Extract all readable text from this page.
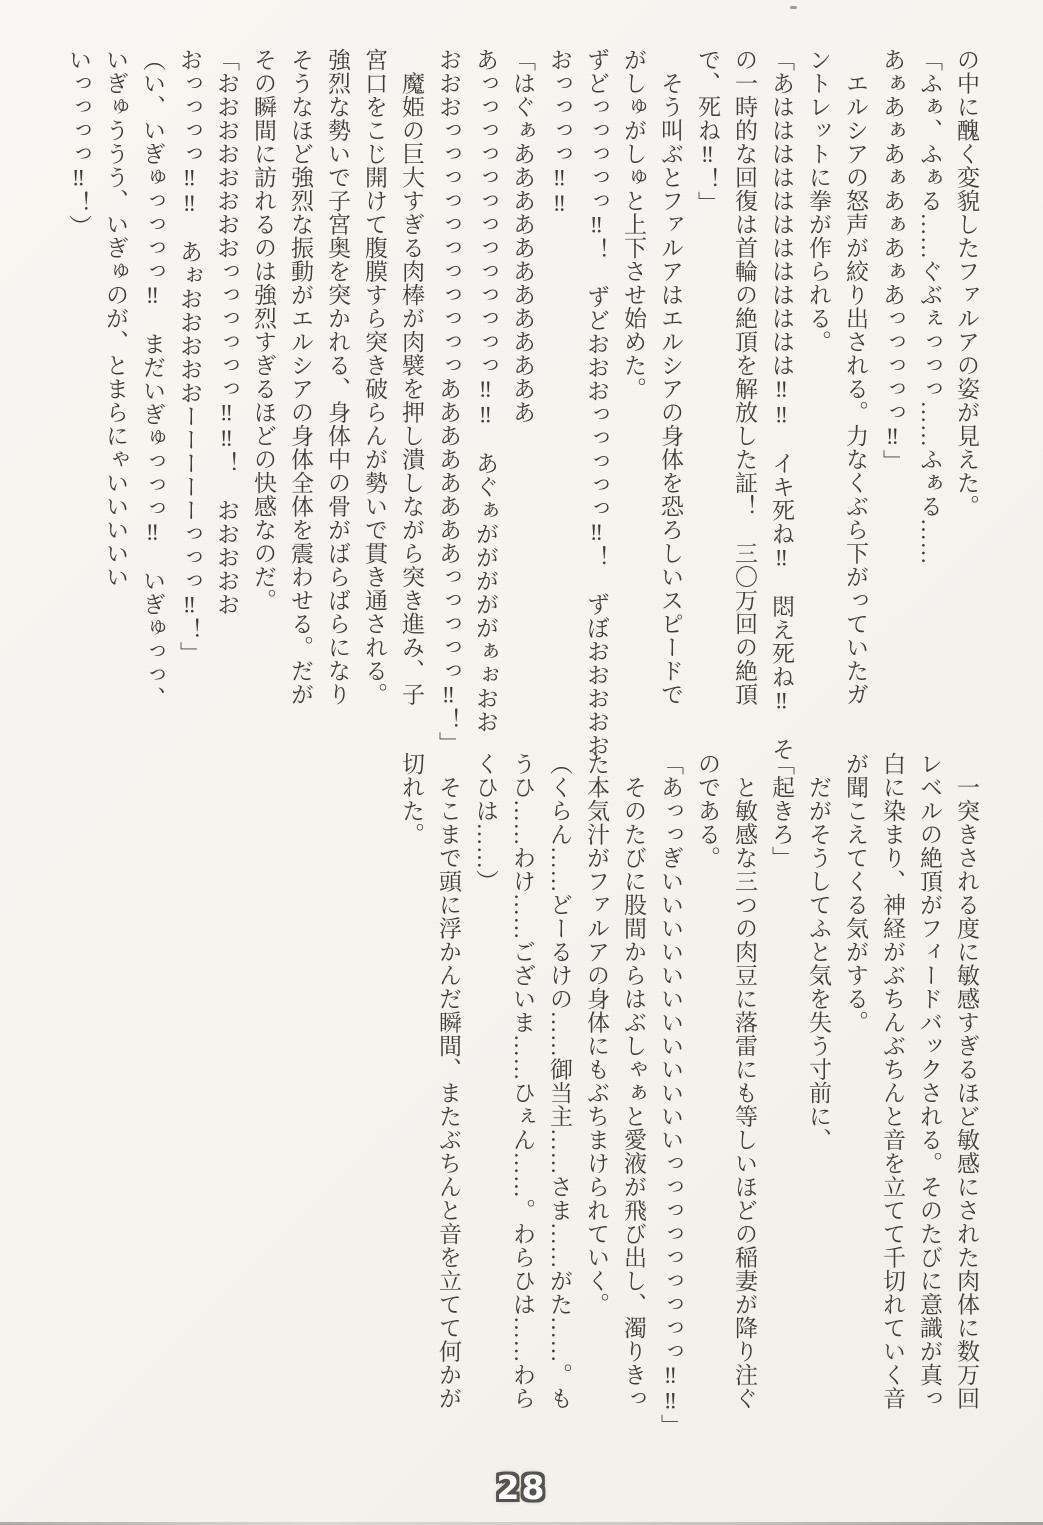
の中に醜く変貌したファルアの姿が見えた。

「ふぁ、ふぁる……ぐぶぇっっっ……ふぁる……

あぁあぁあぁあぁあぁあっっっっっ‼」

　エルシアの怒声が絞り出される。力なくぶら下がっていたガ

ントレットに拳が作られる。

「あはははははははははははは‼‼　イキ死ね‼　悶え死ね‼　そ

の一時的な回復は首輪の絶頂を解放した証！　三〇万回の絶頂

で、死ね‼！」

　そう叫ぶとファルアはエルシアの身体を恐ろしいスピードで

がしゅがしゅと上下させ始めた。

ずどっっっっっ‼！　ずどおおおっっっっっ‼！　ずぼおおおおお

おっっっっ‼‼

「はぐぁああああああああああああ

あっっっっっっっっっっっっっ‼‼　あぐぁがががががぁぉおお

おおおっっっっっっっっっっっああああああああっっっっっ‼！」

　魔姫の巨大すぎる肉棒が肉襞を押し潰しながら突き進み、子

宮口をこじ開けて腹膜すら突き破らんが勢いで貫き通される。

強烈な勢いで子宮奥を突かれる、身体中の骨がばらばらになり

そうなほど強烈な振動がエルシアの身体全体を震わせる。だが

その瞬間に訪れるのは強烈すぎるほどの快感なのだ。

「おおおおおおおおっっっっっっ‼‼！　おおおおお

おっっっっ‼‼　あぉおおおおおーーーーーっっっ‼！」

（い、いぎゅっっっっ‼　まだいぎゅっっっ‼　いぎゅっっ、

いぎゅううう、いぎゅのが、とまらにゃいいいいい

いっっっっ‼！）

　一突きされる度に敏感すぎるほど敏感にされた肉体に数万回

レベルの絶頂がフィードバックされる。そのたびに意識が真っ

白に染まり、神経がぶちんぶちんと音を立てて千切れていく音

が聞こえてくる気がする。

　だがそうしてふと気を失う寸前に、

「起きろ」

　と敏感な三つの肉豆に落雷にも等しいほどの稲妻が降り注ぐ

のである。

「あっっぎいいいいいいいいいいいいっっっっっっっっっ‼‼」

　そのたびに股間からはぶしゃぁと愛液が飛び出し、濁りきっ

た本気汁がファルアの身体にもぶちまけられていく。

（くらん……どーるけの……御当主……さま……がた……。も

うひ……わけ……ございま……ひぇん……。わらひは……わら

くひは……）

　そこまで頭に浮かんだ瞬間、またぶちんと音を立てて何かが

切れた。

28
